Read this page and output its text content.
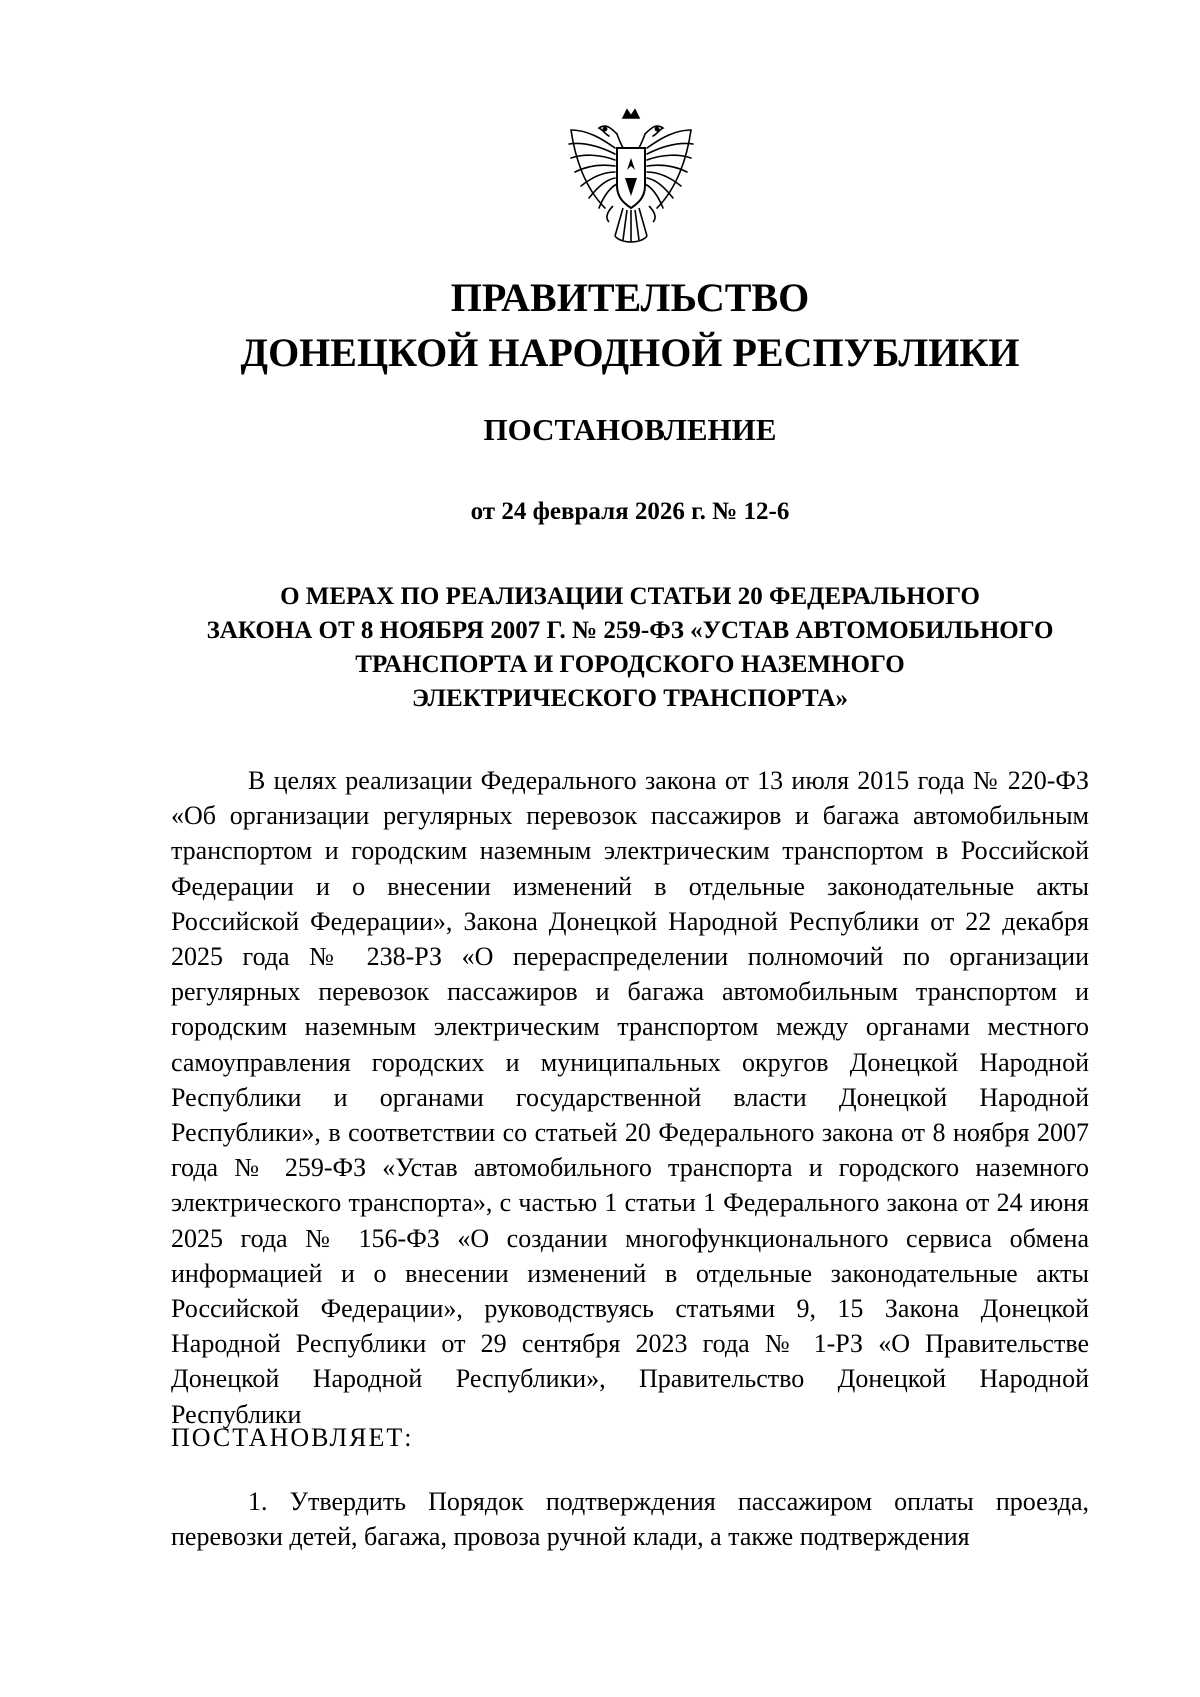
ПРАВИТЕЛЬСТВО
ДОНЕЦКОЙ НАРОДНОЙ РЕСПУБЛИКИ
ПОСТАНОВЛЕНИЕ
от 24 февраля 2026 г. № 12-6
О МЕРАХ ПО РЕАЛИЗАЦИИ СТАТЬИ 20 ФЕДЕРАЛЬНОГО
ЗАКОНА ОТ 8 НОЯБРЯ 2007 Г. № 259-ФЗ «УСТАВ АВТОМОБИЛЬНОГО
ТРАНСПОРТА И ГОРОДСКОГО НАЗЕМНОГО
ЭЛЕКТРИЧЕСКОГО ТРАНСПОРТА»

В целях реализации Федерального закона от 13 июля 2015 года № 220-ФЗ «Об организации регулярных перевозок пассажиров и багажа автомобильным транспортом и городским наземным электрическим транспортом в Российской Федерации и о внесении изменений в отдельные законодательные акты Российской Федерации», Закона Донецкой Народной Республики от 22 декабря 2025 года № 238-РЗ «О перераспределении полномочий по организации регулярных перевозок пассажиров и багажа автомобильным транспортом и городским наземным электрическим транспортом между органами местного самоуправления городских и муниципальных округов Донецкой Народной Республики и органами государственной власти Донецкой Народной Республики», в соответствии со статьей 20 Федерального закона от 8 ноября 2007 года № 259-ФЗ «Устав автомобильного транспорта и городского наземного электрического транспорта», с частью 1 статьи 1 Федерального закона от 24 июня 2025 года № 156-ФЗ «О создании многофункционального сервиса обмена информацией и о внесении изменений в отдельные законодательные акты Российской Федерации», руководствуясь статьями 9, 15 Закона Донецкой Народной Республики от 29 сентября 2023 года № 1-РЗ «О Правительстве Донецкой Народной Республики», Правительство Донецкой Народной Республики

ПОСТАНОВЛЯЕТ:

1. Утвердить Порядок подтверждения пассажиром оплаты проезда, перевозки детей, багажа, провоза ручной клади, а также подтверждения
